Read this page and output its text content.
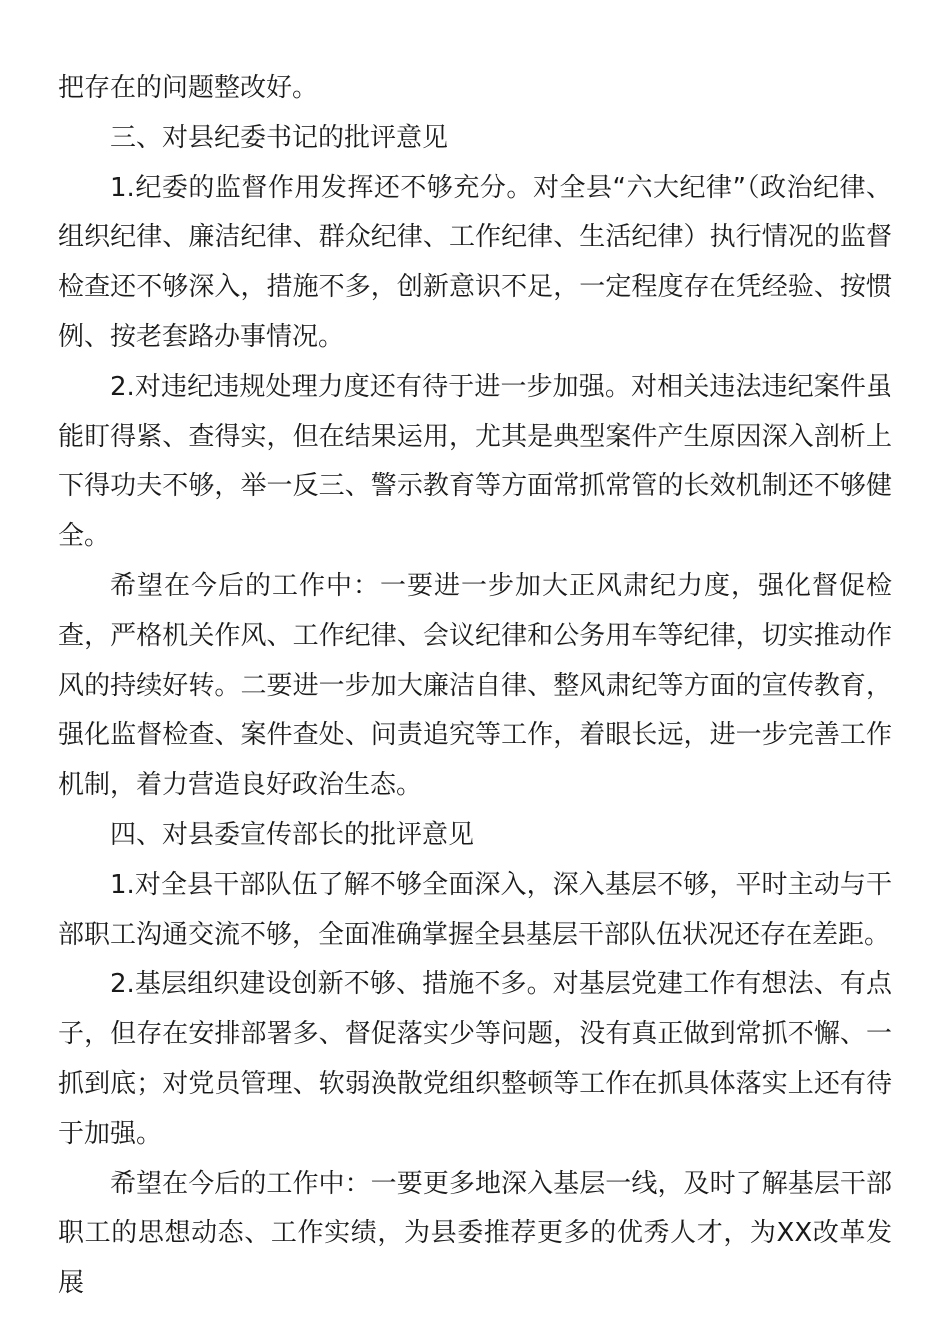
把存在的问题整改好。

三、对县纪委书记的批评意见

1.纪委的监督作用发挥还不够充分。对全县“六大纪律”（政治纪律、组织纪律、廉洁纪律、群众纪律、工作纪律、生活纪律）执行情况的监督检查还不够深入，措施不多，创新意识不足，一定程度存在凭经验、按惯例、按老套路办事情况。

2.对违纪违规处理力度还有待于进一步加强。对相关违法违纪案件虽能盯得紧、查得实，但在结果运用，尤其是典型案件产生原因深入剖析上下得功夫不够，举一反三、警示教育等方面常抓常管的长效机制还不够健全。

希望在今后的工作中：一要进一步加大正风肃纪力度，强化督促检查，严格机关作风、工作纪律、会议纪律和公务用车等纪律，切实推动作风的持续好转。二要进一步加大廉洁自律、整风肃纪等方面的宣传教育，强化监督检查、案件查处、问责追究等工作，着眼长远，进一步完善工作机制，着力营造良好政治生态。

四、对县委宣传部长的批评意见

1.对全县干部队伍了解不够全面深入，深入基层不够，平时主动与干部职工沟通交流不够，全面准确掌握全县基层干部队伍状况还存在差距。

2.基层组织建设创新不够、措施不多。对基层党建工作有想法、有点子，但存在安排部署多、督促落实少等问题，没有真正做到常抓不懈、一抓到底；对党员管理、软弱涣散党组织整顿等工作在抓具体落实上还有待于加强。

希望在今后的工作中：一要更多地深入基层一线，及时了解基层干部职工的思想动态、工作实绩，为县委推荐更多的优秀人才，为XX改革发展
